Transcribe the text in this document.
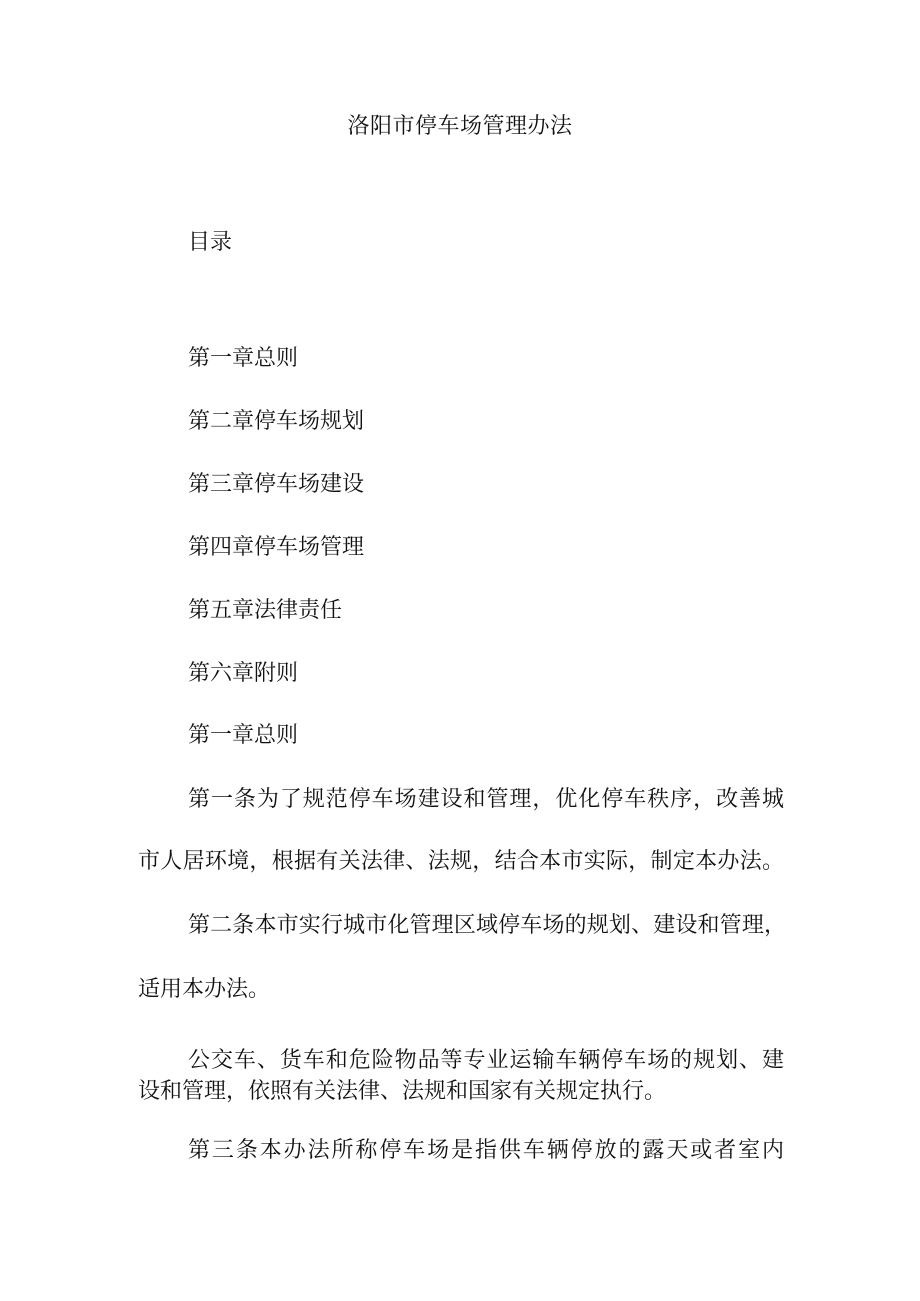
洛阳市停车场管理办法
目录
第一章总则
第二章停车场规划
第三章停车场建设
第四章停车场管理
第五章法律责任
第六章附则
第一章总则
第一条为了规范停车场建设和管理，优化停车秩序，改善城
市人居环境，根据有关法律、法规，结合本市实际，制定本办法。
第二条本市实行城市化管理区域停车场的规划、建设和管理，
适用本办法。
公交车、货车和危险物品等专业运输车辆停车场的规划、建
设和管理，依照有关法律、法规和国家有关规定执行。
第三条本办法所称停车场是指供车辆停放的露天或者室内
